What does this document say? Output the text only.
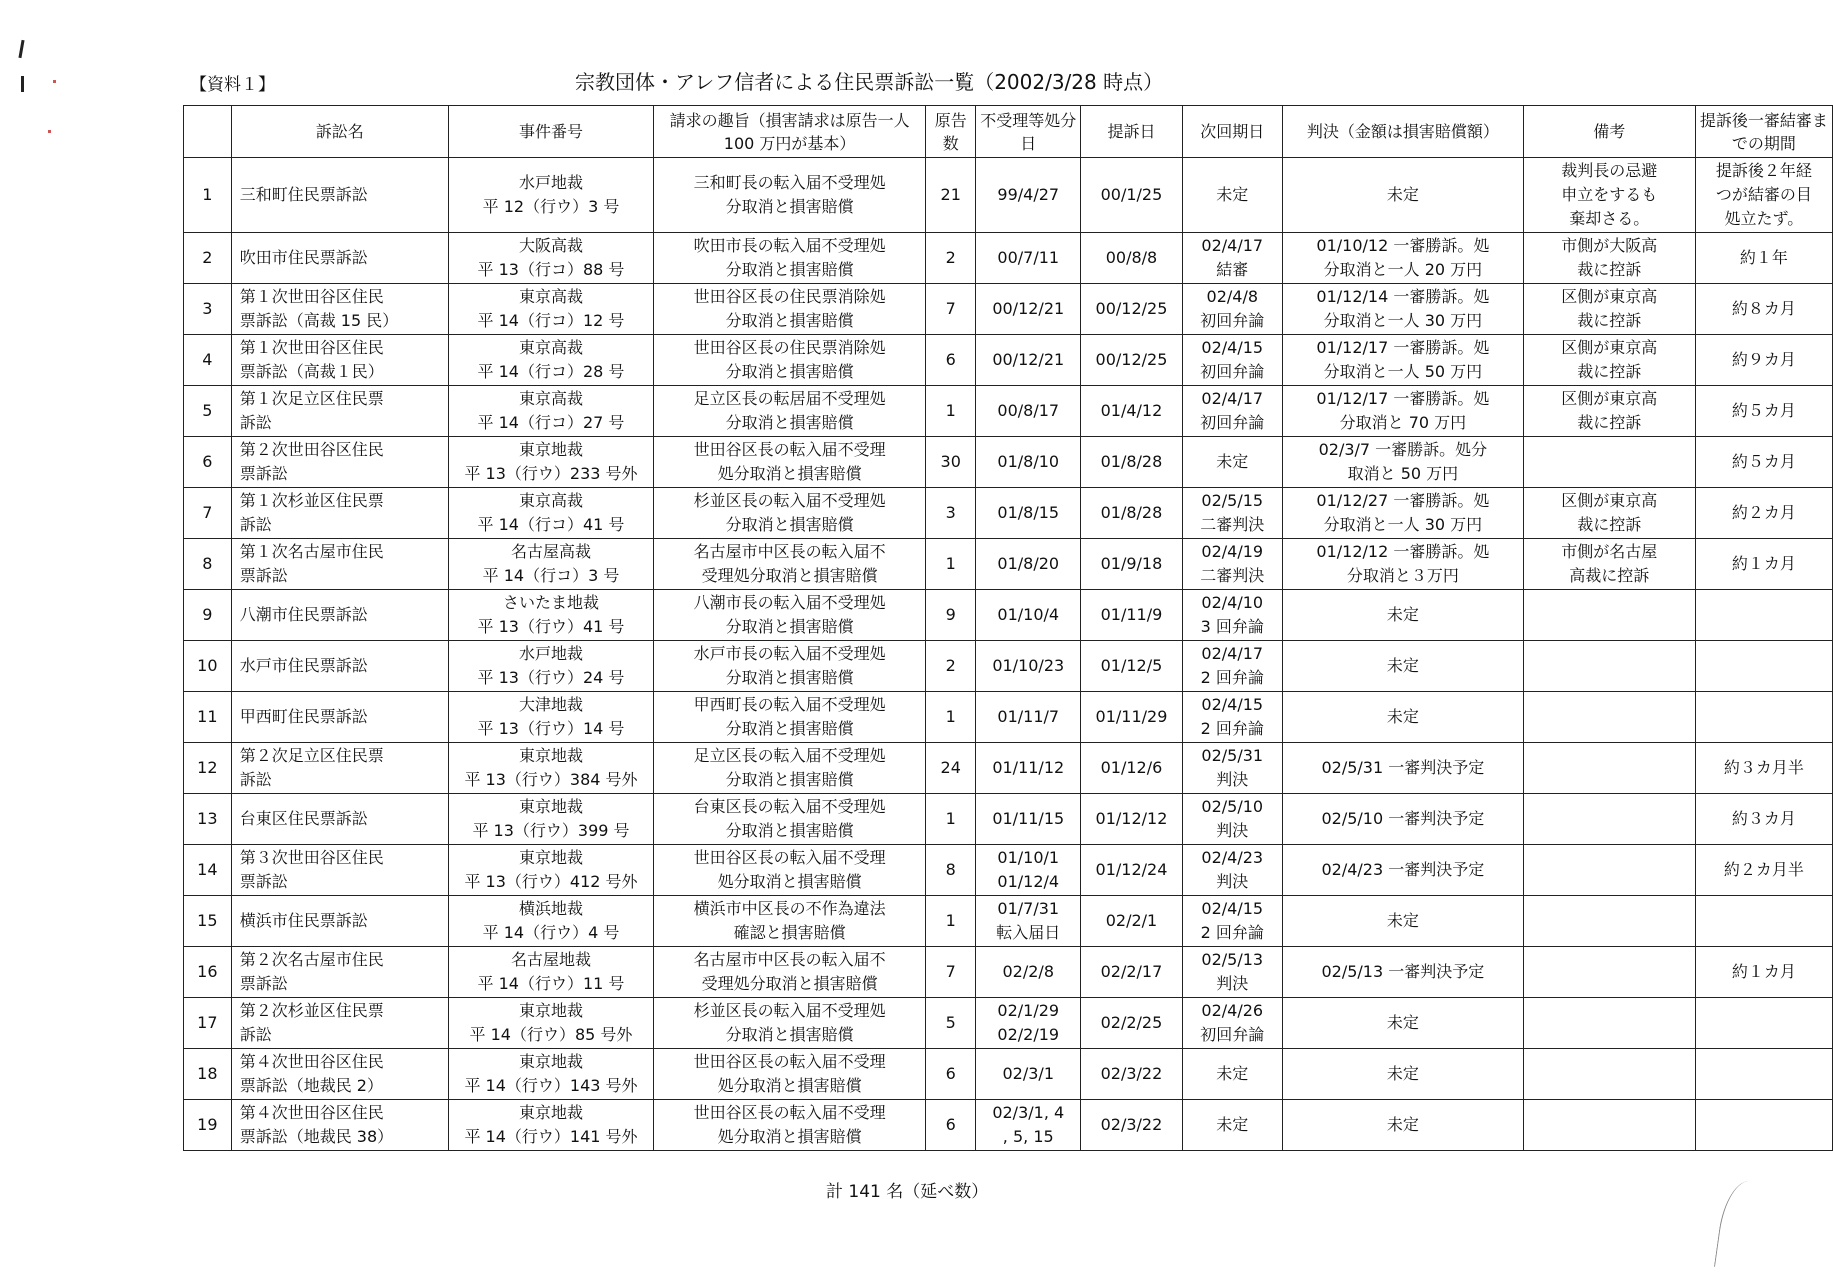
【資料１】	宗教団体・アレフ信者による住民票訴訟一覧（2002/3/28 時点）
	訴訟名	事件番号	請求の趣旨（損害請求は原告一人 100 万円が基本）	原告数	不受理等処分日	提訴日	次回期日	判決（金額は損害賠償額）	備考	提訴後一審結審までの期間
1	三和町住民票訴訟	水戸地裁
平 12（行ウ）3 号	三和町長の転入届不受理処
分取消と損害賠償	21	99/4/27	00/1/25	未定	未定	裁判長の忌避
申立をするも
棄却さる。	提訴後２年経
つが結審の目
処立たず。
2	吹田市住民票訴訟	大阪高裁
平 13（行コ）88 号	吹田市長の転入届不受理処
分取消と損害賠償	2	00/7/11	00/8/8	02/4/17
結審	01/10/12 一審勝訴。処
分取消と一人 20 万円	市側が大阪高
裁に控訴	約１年
3	第１次世田谷区住民
票訴訟（高裁 15 民）	東京高裁
平 14（行コ）12 号	世田谷区長の住民票消除処
分取消と損害賠償	7	00/12/21	00/12/25	02/4/8
初回弁論	01/12/14 一審勝訴。処
分取消と一人 30 万円	区側が東京高
裁に控訴	約８カ月
4	第１次世田谷区住民
票訴訟（高裁１民）	東京高裁
平 14（行コ）28 号	世田谷区長の住民票消除処
分取消と損害賠償	6	00/12/21	00/12/25	02/4/15
初回弁論	01/12/17 一審勝訴。処
分取消と一人 50 万円	区側が東京高
裁に控訴	約９カ月
5	第１次足立区住民票
訴訟	東京高裁
平 14（行コ）27 号	足立区長の転居届不受理処
分取消と損害賠償	1	00/8/17	01/4/12	02/4/17
初回弁論	01/12/17 一審勝訴。処
分取消と 70 万円	区側が東京高
裁に控訴	約５カ月
6	第２次世田谷区住民
票訴訟	東京地裁
平 13（行ウ）233 号外	世田谷区長の転入届不受理
処分取消と損害賠償	30	01/8/10	01/8/28	未定	02/3/7 一審勝訴。処分
取消と 50 万円		約５カ月
7	第１次杉並区住民票
訴訟	東京高裁
平 14（行コ）41 号	杉並区長の転入届不受理処
分取消と損害賠償	3	01/8/15	01/8/28	02/5/15
二審判決	01/12/27 一審勝訴。処
分取消と一人 30 万円	区側が東京高
裁に控訴	約２カ月
8	第１次名古屋市住民
票訴訟	名古屋高裁
平 14（行コ）3 号	名古屋市中区長の転入届不
受理処分取消と損害賠償	1	01/8/20	01/9/18	02/4/19
二審判決	01/12/12 一審勝訴。処
分取消と３万円	市側が名古屋
高裁に控訴	約１カ月
9	八潮市住民票訴訟	さいたま地裁
平 13（行ウ）41 号	八潮市長の転入届不受理処
分取消と損害賠償	9	01/10/4	01/11/9	02/4/10
3 回弁論	未定		
10	水戸市住民票訴訟	水戸地裁
平 13（行ウ）24 号	水戸市長の転入届不受理処
分取消と損害賠償	2	01/10/23	01/12/5	02/4/17
2 回弁論	未定		
11	甲西町住民票訴訟	大津地裁
平 13（行ウ）14 号	甲西町長の転入届不受理処
分取消と損害賠償	1	01/11/7	01/11/29	02/4/15
2 回弁論	未定		
12	第２次足立区住民票
訴訟	東京地裁
平 13（行ウ）384 号外	足立区長の転入届不受理処
分取消と損害賠償	24	01/11/12	01/12/6	02/5/31
判決	02/5/31 一審判決予定		約３カ月半
13	台東区住民票訴訟	東京地裁
平 13（行ウ）399 号	台東区長の転入届不受理処
分取消と損害賠償	1	01/11/15	01/12/12	02/5/10
判決	02/5/10 一審判決予定		約３カ月
14	第３次世田谷区住民
票訴訟	東京地裁
平 13（行ウ）412 号外	世田谷区長の転入届不受理
処分取消と損害賠償	8	01/10/1
01/12/4	01/12/24	02/4/23
判決	02/4/23 一審判決予定		約２カ月半
15	横浜市住民票訴訟	横浜地裁
平 14（行ウ）4 号	横浜市中区長の不作為違法
確認と損害賠償	1	01/7/31
転入届日	02/2/1	02/4/15
2 回弁論	未定		
16	第２次名古屋市住民
票訴訟	名古屋地裁
平 14（行ウ）11 号	名古屋市中区長の転入届不
受理処分取消と損害賠償	7	02/2/8	02/2/17	02/5/13
判決	02/5/13 一審判決予定		約１カ月
17	第２次杉並区住民票
訴訟	東京地裁
平 14（行ウ）85 号外	杉並区長の転入届不受理処
分取消と損害賠償	5	02/1/29
02/2/19	02/2/25	02/4/26
初回弁論	未定		
18	第４次世田谷区住民
票訴訟（地裁民 2）	東京地裁
平 14（行ウ）143 号外	世田谷区長の転入届不受理
処分取消と損害賠償	6	02/3/1	02/3/22	未定	未定		
19	第４次世田谷区住民
票訴訟（地裁民 38）	東京地裁
平 14（行ウ）141 号外	世田谷区長の転入届不受理
処分取消と損害賠償	6	02/3/1, 4
, 5, 15	02/3/22	未定	未定		
計 141 名（延べ数）
